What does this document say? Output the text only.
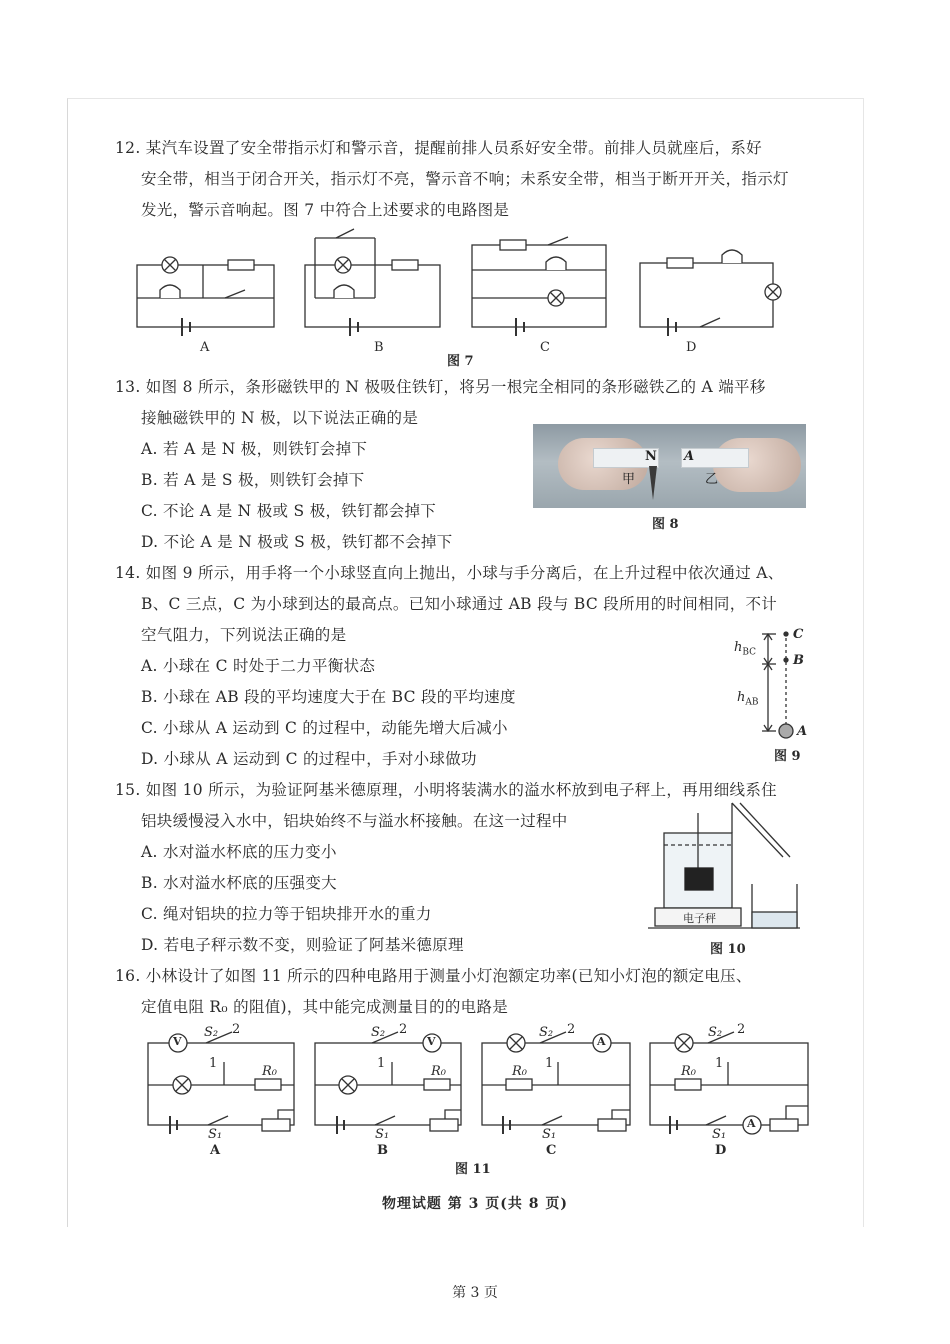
12. 某汽车设置了安全带指示灯和警示音，提醒前排人员系好安全带。前排人员就座后，系好
安全带，相当于闭合开关，指示灯不亮，警示音不响；未系安全带，相当于断开开关，指示灯
发光，警示音响起。图 7 中符合上述要求的电路图是
A	B	C	D
图 7
13. 如图 8 所示，条形磁铁甲的 N 极吸住铁钉，将另一根完全相同的条形磁铁乙的 A 端平移
接触磁铁甲的 N 极，以下说法正确的是
A. 若 A 是 N 极，则铁钉会掉下
B. 若 A 是 S 极，则铁钉会掉下
C. 不论 A 是 N 极或 S 极，铁钉都会掉下
D. 不论 A 是 N 极或 S 极，铁钉都不会掉下
N A
甲	乙
图 8
14. 如图 9 所示，用手将一个小球竖直向上抛出，小球与手分离后，在上升过程中依次通过 A、
B、C 三点，C 为小球到达的最高点。已知小球通过 AB 段与 BC 段所用的时间相同，不计
空气阻力，下列说法正确的是
A. 小球在 C 时处于二力平衡状态
B. 小球在 AB 段的平均速度大于在 BC 段的平均速度
C. 小球从 A 运动到 C 的过程中，动能先增大后减小
D. 小球从 A 运动到 C 的过程中，手对小球做功
C
B
A
$h_{BC}$
$h_{AB}$
图 9
15. 如图 10 所示，为验证阿基米德原理，小明将装满水的溢水杯放到电子秤上，再用细线系住
铝块缓慢浸入水中，铝块始终不与溢水杯接触。在这一过程中
A. 水对溢水杯底的压力变小
B. 水对溢水杯底的压强变大
C. 绳对铝块的拉力等于铝块排开水的重力
D. 若电子秤示数不变，则验证了阿基米德原理
电子秤
图 10
16. 小林设计了如图 11 所示的四种电路用于测量小灯泡额定功率(已知小灯泡的额定电压、
定值电阻 R₀ 的阻值)，其中能完成测量目的的电路是
V
S₂ 2
1
R₀
S₁
A
V
S₂ 2
1
R₀
S₁
B
A
S₂ 2
1
R₀
S₁
C
S₂ 2
1
R₀
A
S₁
D
图 11
物理试题 第 3 页(共 8 页)
第 3 页
